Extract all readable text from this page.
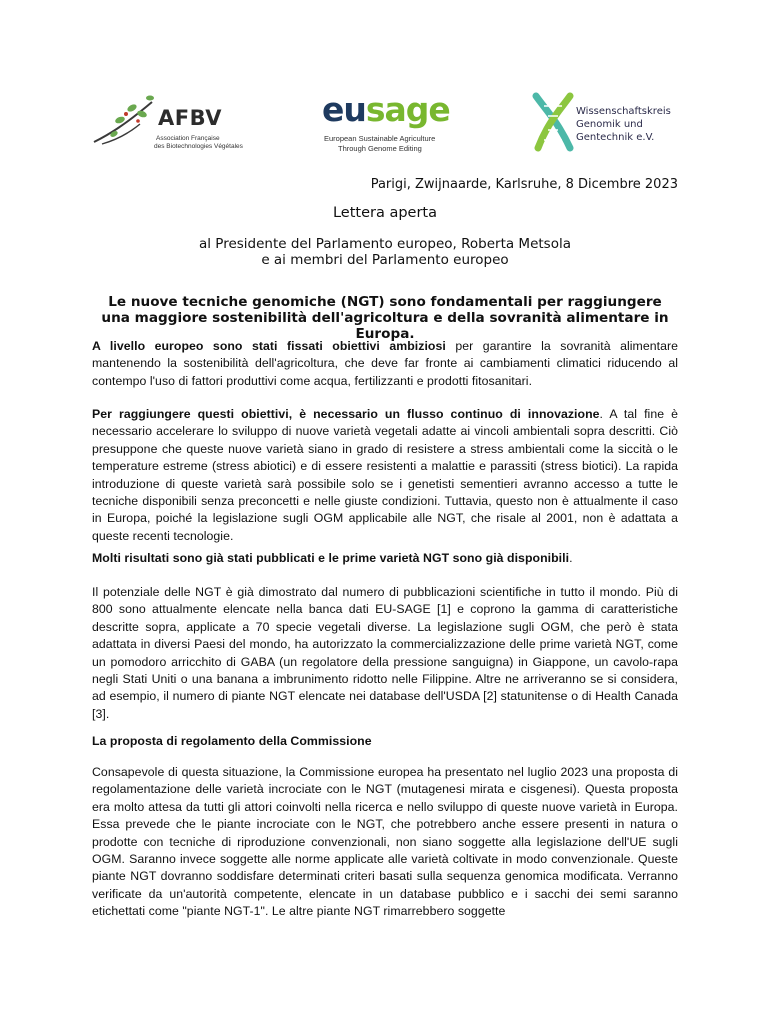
AFBV
Association Française
des Biotechnologies Végétales
eusage
European Sustainable Agriculture
Through Genome Editing
Wissenschaftskreis
Genomik und
Gentechnik e.V.
Parigi, Zwijnaarde, Karlsruhe, 8 Dicembre 2023
Lettera aperta
al Presidente del Parlamento europeo, Roberta Metsola
e ai membri del Parlamento europeo
Le nuove tecniche genomiche (NGT) sono fondamentali per raggiungere una maggiore sostenibilità dell'agricoltura e della sovranità alimentare in Europa.
A livello europeo sono stati fissati obiettivi ambiziosi per garantire la sovranità alimentare mantenendo la sostenibilità dell'agricoltura, che deve far fronte ai cambiamenti climatici riducendo al contempo l'uso di fattori produttivi come acqua, fertilizzanti e prodotti fitosanitari.
Per raggiungere questi obiettivi, è necessario un flusso continuo di innovazione. A tal fine è necessario accelerare lo sviluppo di nuove varietà vegetali adatte ai vincoli ambientali sopra descritti. Ciò presuppone che queste nuove varietà siano in grado di resistere a stress ambientali come la siccità o le temperature estreme (stress abiotici) e di essere resistenti a malattie e parassiti (stress biotici). La rapida introduzione di queste varietà sarà possibile solo se i genetisti sementieri avranno accesso a tutte le tecniche disponibili senza preconcetti e nelle giuste condizioni. Tuttavia, questo non è attualmente il caso in Europa, poiché la legislazione sugli OGM applicabile alle NGT, che risale al 2001, non è adattata a queste recenti tecnologie.
Molti risultati sono già stati pubblicati e le prime varietà NGT sono già disponibili.
Il potenziale delle NGT è già dimostrato dal numero di pubblicazioni scientifiche in tutto il mondo. Più di 800 sono attualmente elencate nella banca dati EU-SAGE [1] e coprono la gamma di caratteristiche descritte sopra, applicate a 70 specie vegetali diverse. La legislazione sugli OGM, che però è stata adattata in diversi Paesi del mondo, ha autorizzato la commercializzazione delle prime varietà NGT, come un pomodoro arricchito di GABA (un regolatore della pressione sanguigna) in Giappone, un cavolo-rapa negli Stati Uniti o una banana a imbrunimento ridotto nelle Filippine. Altre ne arriveranno se si considera, ad esempio, il numero di piante NGT elencate nei database dell'USDA [2] statunitense o di Health Canada [3].
La proposta di regolamento della Commissione
Consapevole di questa situazione, la Commissione europea ha presentato nel luglio 2023 una proposta di regolamentazione delle varietà incrociate con le NGT (mutagenesi mirata e cisgenesi). Questa proposta era molto attesa da tutti gli attori coinvolti nella ricerca e nello sviluppo di queste nuove varietà in Europa. Essa prevede che le piante incrociate con le NGT, che potrebbero anche essere presenti in natura o prodotte con tecniche di riproduzione convenzionali, non siano soggette alla legislazione dell'UE sugli OGM. Saranno invece soggette alle norme applicate alle varietà coltivate in modo convenzionale. Queste piante NGT dovranno soddisfare determinati criteri basati sulla sequenza genomica modificata. Verranno verificate da un'autorità competente, elencate in un database pubblico e i sacchi dei semi saranno etichettati come "piante NGT-1". Le altre piante NGT rimarrebbero soggette
